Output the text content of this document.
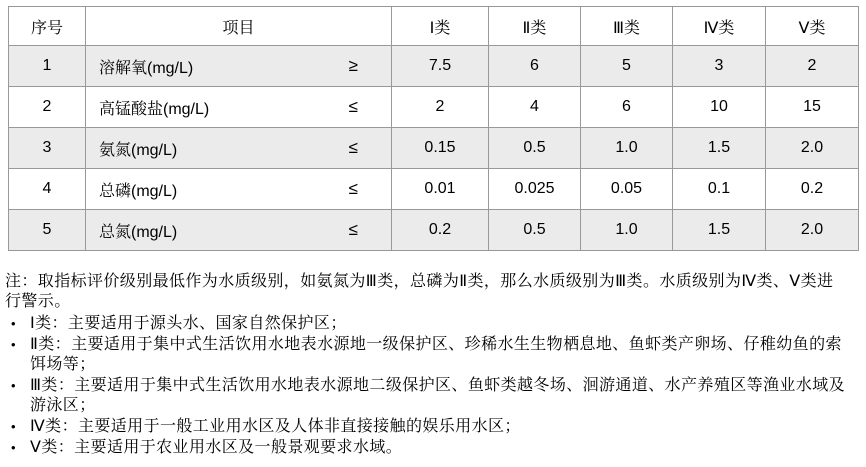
序号	项目	Ⅰ类	Ⅱ类	Ⅲ类	Ⅳ类	Ⅴ类
1	溶解氧(mg/L) ≥	7.5	6	5	3	2
2	高锰酸盐(mg/L) ≤	2	4	6	10	15
3	氨氮(mg/L) ≤	0.15	0.5	1.0	1.5	2.0
4	总磷(mg/L) ≤	0.01	0.025	0.05	0.1	0.2
5	总氮(mg/L) ≤	0.2	0.5	1.0	1.5	2.0
注：取指标评价级别最低作为水质级别，如氨氮为Ⅲ类，总磷为Ⅱ类，那么水质级别为Ⅲ类。水质级别为Ⅳ类、Ⅴ类进行警示。
• Ⅰ类：主要适用于源头水、国家自然保护区；
• Ⅱ类：主要适用于集中式生活饮用水地表水源地一级保护区、珍稀水生生物栖息地、鱼虾类产卵场、仔稚幼鱼的索饵场等；
• Ⅲ类：主要适用于集中式生活饮用水地表水源地二级保护区、鱼虾类越冬场、洄游通道、水产养殖区等渔业水域及游泳区；
• Ⅳ类：主要适用于一般工业用水区及人体非直接接触的娱乐用水区；
• Ⅴ类：主要适用于农业用水区及一般景观要求水域。
